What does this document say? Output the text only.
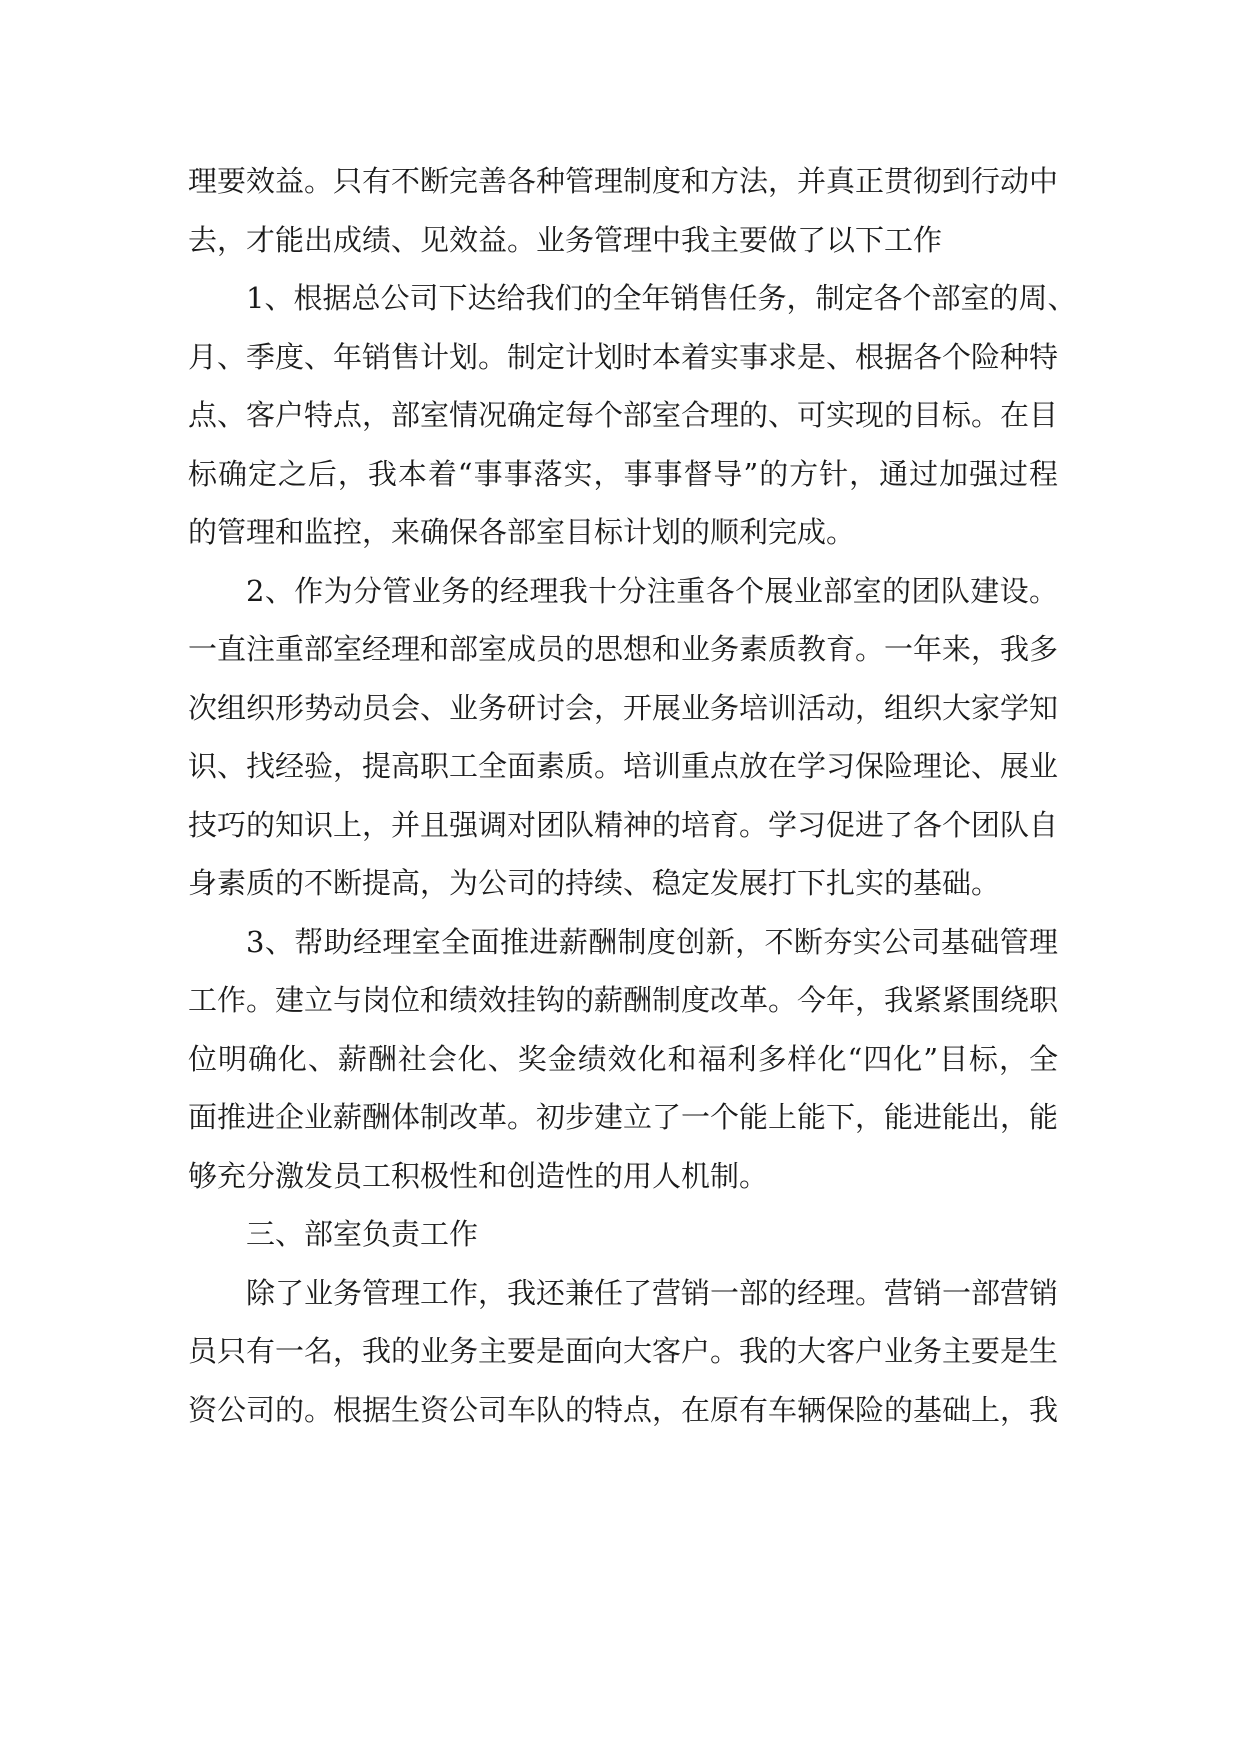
理要效益。只有不断完善各种管理制度和方法，并真正贯彻到行动中
去，才能出成绩、见效益。业务管理中我主要做了以下工作
1、根据总公司下达给我们的全年销售任务，制定各个部室的周、
月、季度、年销售计划。制定计划时本着实事求是、根据各个险种特
点、客户特点，部室情况确定每个部室合理的、可实现的目标。在目
标确定之后，我本着“事事落实，事事督导”的方针，通过加强过程
的管理和监控，来确保各部室目标计划的顺利完成。
2、作为分管业务的经理我十分注重各个展业部室的团队建设。
一直注重部室经理和部室成员的思想和业务素质教育。一年来，我多
次组织形势动员会、业务研讨会，开展业务培训活动，组织大家学知
识、找经验，提高职工全面素质。培训重点放在学习保险理论、展业
技巧的知识上，并且强调对团队精神的培育。学习促进了各个团队自
身素质的不断提高，为公司的持续、稳定发展打下扎实的基础。
3、帮助经理室全面推进薪酬制度创新，不断夯实公司基础管理
工作。建立与岗位和绩效挂钩的薪酬制度改革。今年，我紧紧围绕职
位明确化、薪酬社会化、奖金绩效化和福利多样化“四化”目标，全
面推进企业薪酬体制改革。初步建立了一个能上能下，能进能出，能
够充分激发员工积极性和创造性的用人机制。
三、部室负责工作
除了业务管理工作，我还兼任了营销一部的经理。营销一部营销
员只有一名，我的业务主要是面向大客户。我的大客户业务主要是生
资公司的。根据生资公司车队的特点，在原有车辆保险的基础上，我
